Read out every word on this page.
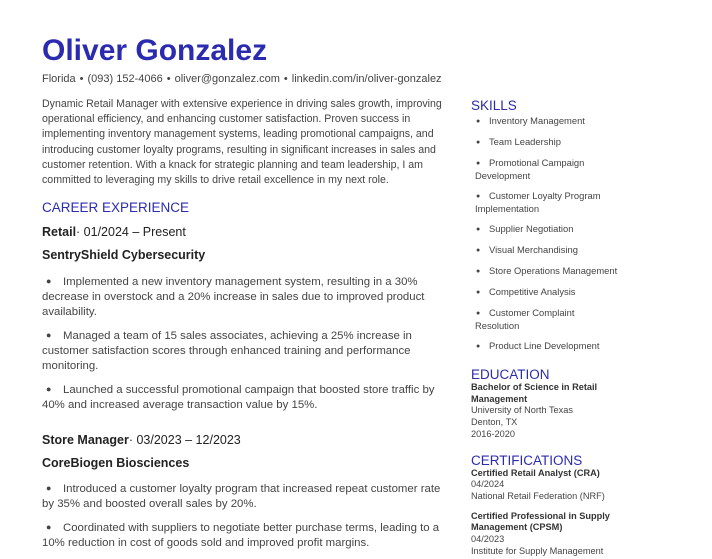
Oliver Gonzalez
Florida • (093) 152-4066 • oliver@gonzalez.com • linkedin.com/in/oliver-gonzalez

Dynamic Retail Manager with extensive experience in driving sales growth, improving operational efficiency, and enhancing customer satisfaction. Proven success in implementing inventory management systems, leading promotional campaigns, and introducing customer loyalty programs, resulting in significant increases in sales and customer retention. With a knack for strategic planning and team leadership, I am committed to leveraging my skills to drive retail excellence in my next role.

CAREER EXPERIENCE

Retail· 01/2024 – Present

SentryShield Cybersecurity

● Implemented a new inventory management system, resulting in a 30% decrease in overstock and a 20% increase in sales due to improved product availability.
● Managed a team of 15 sales associates, achieving a 25% increase in customer satisfaction scores through enhanced training and performance monitoring.
● Launched a successful promotional campaign that boosted store traffic by 40% and increased average transaction value by 15%.

Store Manager· 03/2023 – 12/2023

CoreBiogen Biosciences

● Introduced a customer loyalty program that increased repeat customer rate by 35% and boosted overall sales by 20%.
● Coordinated with suppliers to negotiate better purchase terms, leading to a 10% reduction in cost of goods sold and improved profit margins.
SKILLS
● Inventory Management
● Team Leadership
● Promotional Campaign Development
● Customer Loyalty Program Implementation
● Supplier Negotiation
● Visual Merchandising
● Store Operations Management
● Competitive Analysis
● Customer Complaint Resolution
● Product Line Development
EDUCATION
Bachelor of Science in Retail Management
University of North Texas
Denton, TX
2016-2020
CERTIFICATIONS
Certified Retail Analyst (CRA)
04/2024
National Retail Federation (NRF)
Certified Professional in Supply Management (CPSM)
04/2023
Institute for Supply Management
